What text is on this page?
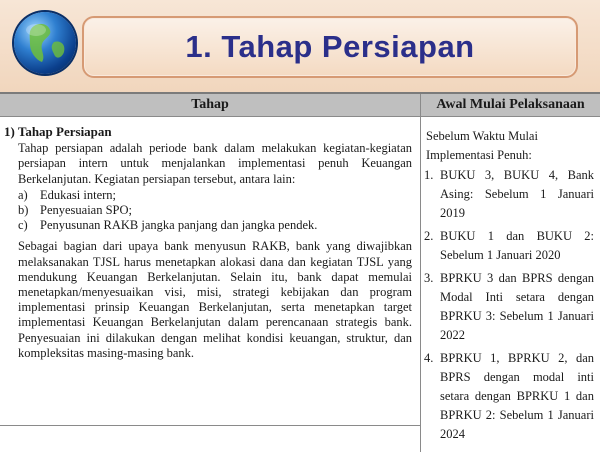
1. Tahap Persiapan
Tahap	Awal Mulai Pelaksanaan
1) Tahap Persiapan
Tahap persiapan adalah periode bank dalam melakukan kegiatan-kegiatan persiapan intern untuk menjalankan implementasi penuh Keuangan Berkelanjutan. Kegiatan persiapan tersebut, antara lain:
a) Edukasi intern;
b) Penyesuaian SPO;
c) Penyusunan RAKB jangka panjang dan jangka pendek.
Sebagai bagian dari upaya bank menyusun RAKB, bank yang diwajibkan melaksanakan TJSL harus menetapkan alokasi dana dan kegiatan TJSL yang mendukung Keuangan Berkelanjutan. Selain itu, bank dapat memulai menetapkan/menyesuaikan visi, misi, strategi kebijakan dan program implementasi prinsip Keuangan Berkelanjutan, serta menetapkan target implementasi Keuangan Berkelanjutan dalam perencanaan strategis bank. Penyesuaian ini dilakukan dengan melihat kondisi keuangan, struktur, dan kompleksitas masing-masing bank.
Sebelum Waktu Mulai Implementasi Penuh:
1. BUKU 3, BUKU 4, Bank Asing: Sebelum 1 Januari 2019
2. BUKU 1 dan BUKU 2: Sebelum 1 Januari 2020
3. BPRKU 3 dan BPRS dengan Modal Inti setara dengan BPRKU 3: Sebelum 1 Januari 2022
4. BPRKU 1, BPRKU 2, dan BPRS dengan modal inti setara dengan BPRKU 1 dan BPRKU 2: Sebelum 1 Januari 2024
